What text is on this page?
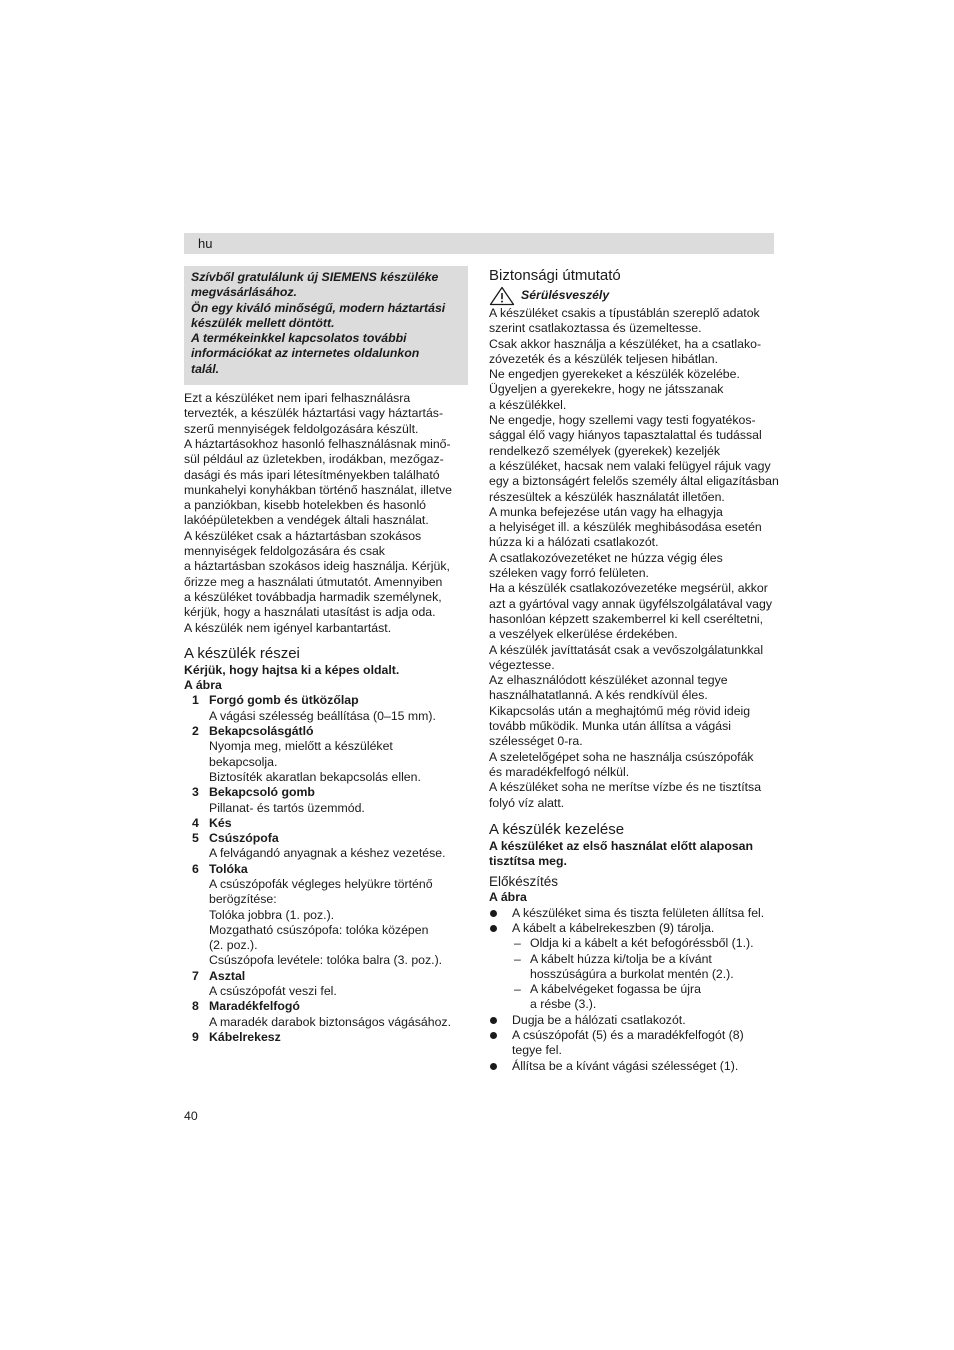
hu
Szívből gratulálunk új SIEMENS készüléke
megvásárlásához.
Ön egy kiváló minőségű, modern háztartási
készülék mellett döntött.
A termékeinkkel kapcsolatos további
információkat az internetes oldalunkon
talál.
Ezt a készüléket nem ipari felhasználásra
tervezték, a készülék háztartási vagy háztartás-
szerű mennyiségek feldolgozására készült.
A háztartásokhoz hasonló felhasználásnak minő-
sül például az üzletekben, irodákban, mezőgaz-
dasági és más ipari létesítményekben található
munkahelyi konyhákban történő használat, illetve
a panziókban, kisebb hotelekben és hasonló
lakóépületekben a vendégek általi használat.
A készüléket csak a háztartásban szokásos
mennyiségek feldolgozására és csak
a háztartásban szokásos ideig használja. Kérjük,
őrizze meg a használati útmutatót. Amennyiben
a készüléket továbbadja harmadik személynek,
kérjük, hogy a használati utasítást is adja oda.
A készülék nem igényel karbantartást.
A készülék részei
Kérjük, hogy hajtsa ki a képes oldalt.
A ábra
1 Forgó gomb és ütközőlap
A vágási szélesség beállítása (0–15 mm).
2 Bekapcsolásgátló
Nyomja meg, mielőtt a készüléket
bekapcsolja.
Biztosíték akaratlan bekapcsolás ellen.
3 Bekapcsoló gomb
Pillanat- és tartós üzemmód.
4 Kés
5 Csúszópofa
A felvágandó anyagnak a késhez vezetése.
6 Tolóka
A csúszópofák végleges helyükre történő
berögzítése:
Tolóka jobbra (1. poz.).
Mozgatható csúszópofa: tolóka középen
(2. poz.).
Csúszópofa levétele: tolóka balra (3. poz.).
7 Asztal
A csúszópofát veszi fel.
8 Maradékfelfogó
A maradék darabok biztonságos vágásához.
9 Kábelrekesz
Biztonsági útmutató
Sérülésveszély
A készüléket csakis a típustáblán szereplő adatok
szerint csatlakoztassa és üzemeltesse.
Csak akkor használja a készüléket, ha a csatlako-
zóvezeték és a készülék teljesen hibátlan.
Ne engedjen gyerekeket a készülék közelébe.
Ügyeljen a gyerekekre, hogy ne játsszanak
a készülékkel.
Ne engedje, hogy szellemi vagy testi fogyatékos-
sággal élő vagy hiányos tapasztalattal és tudással
rendelkező személyek (gyerekek) kezeljék
a készüléket, hacsak nem valaki felügyel rájuk vagy
egy a biztonságért felelős személy által eligazításban
részesültek a készülék használatát illetően.
A munka befejezése után vagy ha elhagyja
a helyiséget ill. a készülék meghibásodása esetén
húzza ki a hálózati csatlakozót.
A csatlakozóvezetéket ne húzza végig éles
széleken vagy forró felületen.
Ha a készülék csatlakozóvezetéke megsérül, akkor
azt a gyártóval vagy annak ügyfélszolgálatával vagy
hasonlóan képzett szakemberrel ki kell cseréltetni,
a veszélyek elkerülése érdekében.
A készülék javíttatását csak a vevőszolgálatunkkal
végeztesse.
Az elhasználódott készüléket azonnal tegye
használhatatlanná. A kés rendkívül éles.
Kikapcsolás után a meghajtómű még rövid ideig
tovább működik. Munka után állítsa a vágási
szélességet 0-ra.
A szeletelőgépet soha ne használja csúszópofák
és maradékfelfogó nélkül.
A készüléket soha ne merítse vízbe és ne tisztítsa
folyó víz alatt.
A készülék kezelése
A készüléket az első használat előtt alaposan
tisztítsa meg.
Előkészítés
A ábra
A készüléket sima és tiszta felületen állítsa fel.
A kábelt a kábelrekeszben (9) tárolja.
– Oldja ki a kábelt a két befogóréssből (1.).
– A kábelt húzza ki/tolja be a kívánt
hosszúságúra a burkolat mentén (2.).
– A kábelvégeket fogassa be újra
a résbe (3.).
Dugja be a hálózati csatlakozót.
A csúszópofát (5) és a maradékfelfogót (8)
tegye fel.
Állítsa be a kívánt vágási szélességet (1).
40
